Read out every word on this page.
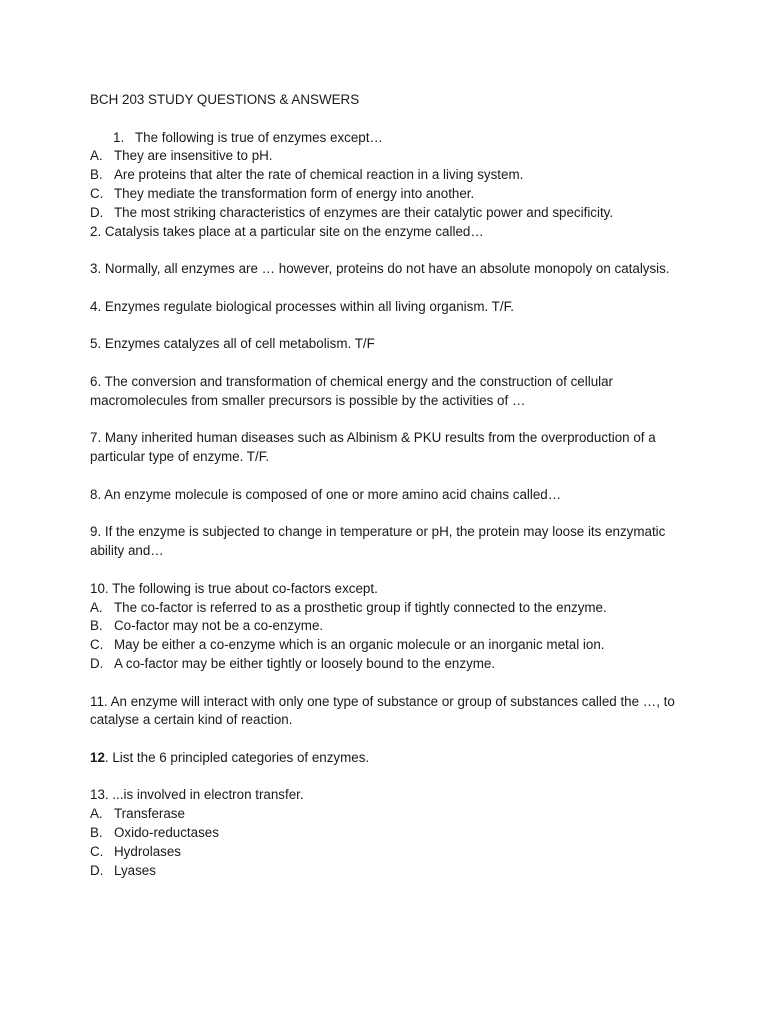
BCH 203 STUDY QUESTIONS & ANSWERS
1. The following is true of enzymes except…
A. They are insensitive to pH.
B. Are proteins that alter the rate of chemical reaction in a living system.
C. They mediate the transformation form of energy into another.
D. The most striking characteristics of enzymes are their catalytic power and specificity.
2. Catalysis takes place at a particular site on the enzyme called…
3. Normally, all enzymes are … however, proteins do not have an absolute monopoly on catalysis.
4. Enzymes regulate biological processes within all living organism. T/F.
5. Enzymes catalyzes all of cell metabolism. T/F
6. The conversion and transformation of chemical energy and the construction of cellular macromolecules from smaller precursors is possible by the activities of …
7. Many inherited human diseases such as Albinism & PKU results from the overproduction of a particular type of enzyme. T/F.
8. An enzyme molecule is composed of one or more amino acid chains called…
9. If the enzyme is subjected to change in temperature or pH, the protein may loose its enzymatic ability and…
10. The following is true about co-factors except.
A. The co-factor is referred to as a prosthetic group if tightly connected to the enzyme.
B. Co-factor may not be a co-enzyme.
C. May be either a co-enzyme which is an organic molecule or an inorganic metal ion.
D. A co-factor may be either tightly or loosely bound to the enzyme.
11. An enzyme will interact with only one type of substance or group of substances called the …, to catalyse a certain kind of reaction.
12. List the 6 principled categories of enzymes.
13. ...is involved in electron transfer.
A. Transferase
B. Oxido-reductases
C. Hydrolases
D. Lyases
